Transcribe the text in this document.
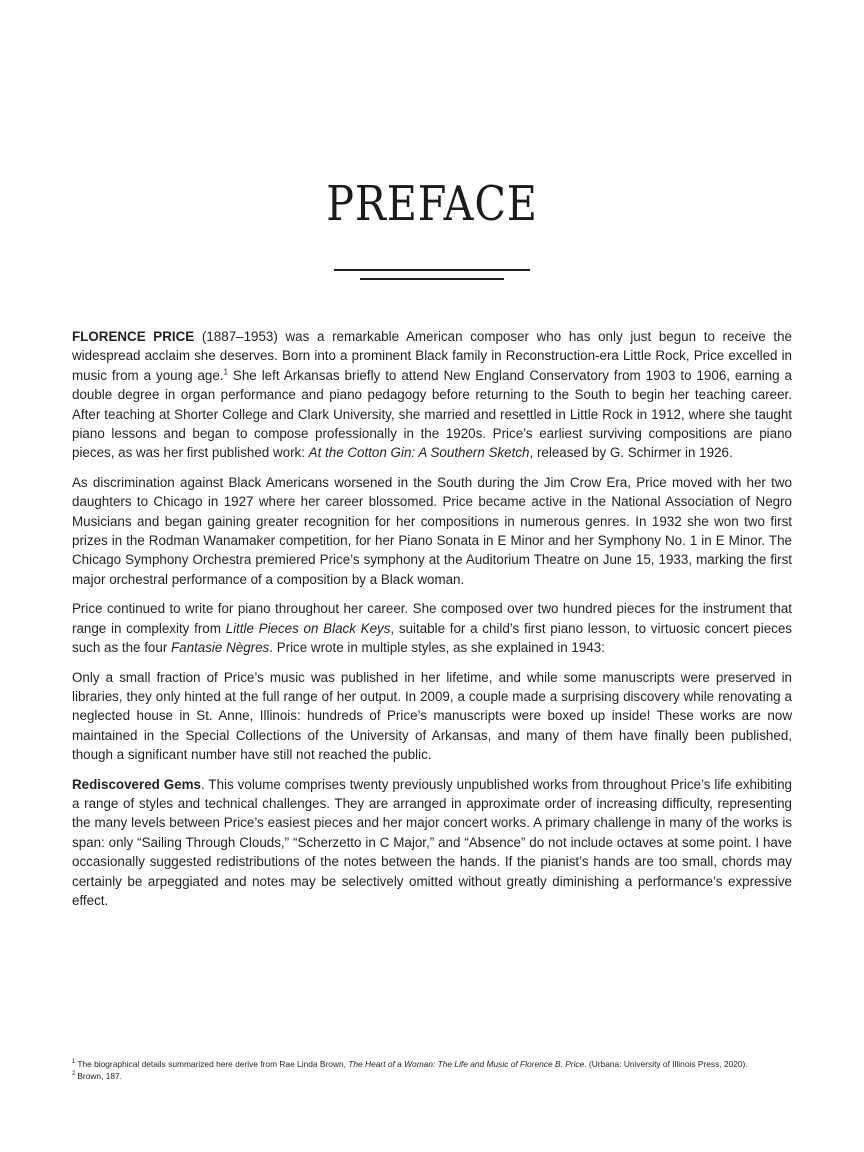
PREFACE

FLORENCE PRICE (1887–1953) was a remarkable American composer who has only just begun to receive the widespread acclaim she deserves. Born into a prominent Black family in Reconstruction-era Little Rock, Price excelled in music from a young age.$^1$ She left Arkansas briefly to attend New England Conservatory from 1903 to 1906, earning a double degree in organ performance and piano pedagogy before returning to the South to begin her teaching career. After teaching at Shorter College and Clark University, she married and resettled in Little Rock in 1912, where she taught piano lessons and began to compose professionally in the 1920s. Price’s earliest surviving compositions are piano pieces, as was her first published work: At the Cotton Gin: A Southern Sketch, released by G. Schirmer in 1926.

As discrimination against Black Americans worsened in the South during the Jim Crow Era, Price moved with her two daughters to Chicago in 1927 where her career blossomed. Price became active in the National Association of Negro Musicians and began gaining greater recognition for her compositions in numerous genres. In 1932 she won two first prizes in the Rodman Wanamaker competition, for her Piano Sonata in E Minor and her Symphony No. 1 in E Minor. The Chicago Symphony Orchestra premiered Price’s symphony at the Auditorium Theatre on June 15, 1933, marking the first major orchestral performance of a composition by a Black woman.

Price continued to write for piano throughout her career. She composed over two hundred pieces for the instrument that range in complexity from Little Pieces on Black Keys, suitable for a child’s first piano lesson, to virtuosic concert pieces such as the four Fantasie Nègres. Price wrote in multiple styles, as she explained in 1943:

Only a small fraction of Price’s music was published in her lifetime, and while some manuscripts were preserved in libraries, they only hinted at the full range of her output. In 2009, a couple made a surprising discovery while renovating a neglected house in St. Anne, Illinois: hundreds of Price’s manuscripts were boxed up inside! These works are now maintained in the Special Collections of the University of Arkansas, and many of them have finally been published, though a significant number have still not reached the public.

Rediscovered Gems. This volume comprises twenty previously unpublished works from throughout Price’s life exhibiting a range of styles and technical challenges. They are arranged in approximate order of increasing difficulty, representing the many levels between Price’s easiest pieces and her major concert works. A primary challenge in many of the works is span: only “Sailing Through Clouds,” “Scherzetto in C Major,” and “Absence” do not include octaves at some point. I have occasionally suggested redistributions of the notes between the hands. If the pianist’s hands are too small, chords may certainly be arpeggiated and notes may be selectively omitted without greatly diminishing a performance’s expressive effect.

$^1$ The biographical details summarized here derive from Rae Linda Brown, The Heart of a Woman: The Life and Music of Florence B. Price. (Urbana: University of Illinois Press, 2020).
$^2$ Brown, 187.
